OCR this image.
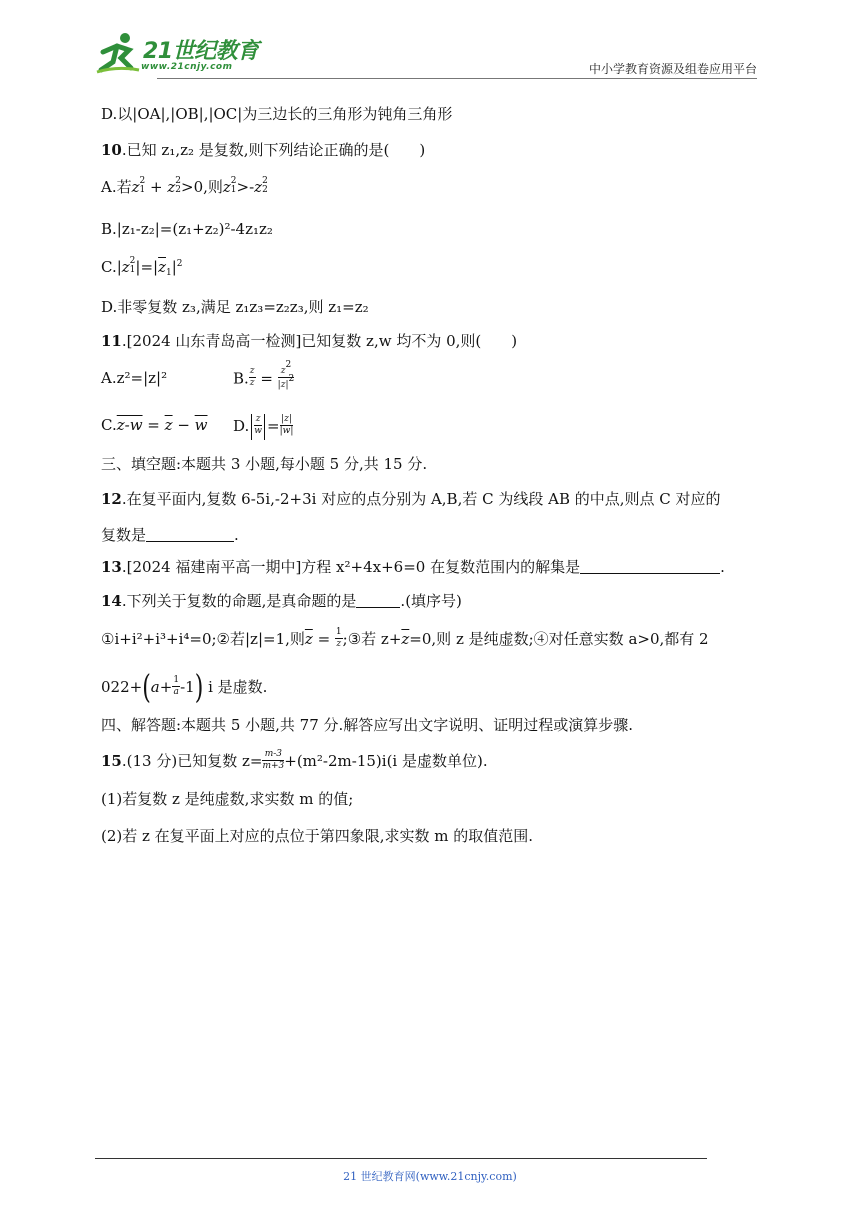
21世纪教育
www.21cnjy.com	中小学教育资源及组卷应用平台
D.以|OA|,|OB|,|OC|为三边长的三角形为钝角三角形
10.已知 z₁,z₂ 是复数,则下列结论正确的是(　　)
A.若z 2
1 + z 2
2 >0,则z 2
1 >-z 2
2
B.|z₁-z₂|=(z₁+z₂)²-4z₁z₂
C.|z 2
1 $|=|\overline{z}_1|^2$
D.非零复数 z₃,满足 z₁z₃=z₂z₃,则 z₁=z₂
11.[2024 山东青岛高一检测]已知复数 z,w 均不为 0,则(　　)
A.z²=|z|²	B. $\frac{z}{z} = \frac{z^2}{|z|^2}$
$C.z-w = \overline{z} - \overline{w}$ D. $\frac{z}{w} = \frac{|z|}{|w|}$
三、填空题:本题共 3 小题,每小题 5 分,共 15 分.
12.在复平面内,复数 6-5i,-2+3i 对应的点分别为 A,B,若 C 为线段 AB 的中点,则点 C 对应的
复数是	.
13.[2024 福建南平高一期中]方程 x²+4x+6=0 在复数范围内的解集是	.
14.下列关于复数的命题,是真命题的是	.(填序号)
①i+i²+i³+i⁴=0;②若|z|=1,则$\overline{z} = \frac{1}{z}$ ;③若 $z+\overline{z}=0$,则 z 是纯虚数;④对任意实数 a>0,都有 2
$022+(a+ \frac{1}{a} -1)$ i 是虚数.
四、解答题:本题共 5 小题,共 77 分.解答应写出文字说明、证明过程或演算步骤.
15.(13 分)已知复数 $z= \frac{m-3}{m+3} +(m^2-2m-15)i(i$ 是虚数单位).
(1)若复数 z 是纯虚数,求实数 m 的值;
(2)若 z 在复平面上对应的点位于第四象限,求实数 m 的取值范围.
21 世纪教育网(www.21cnjy.com)
